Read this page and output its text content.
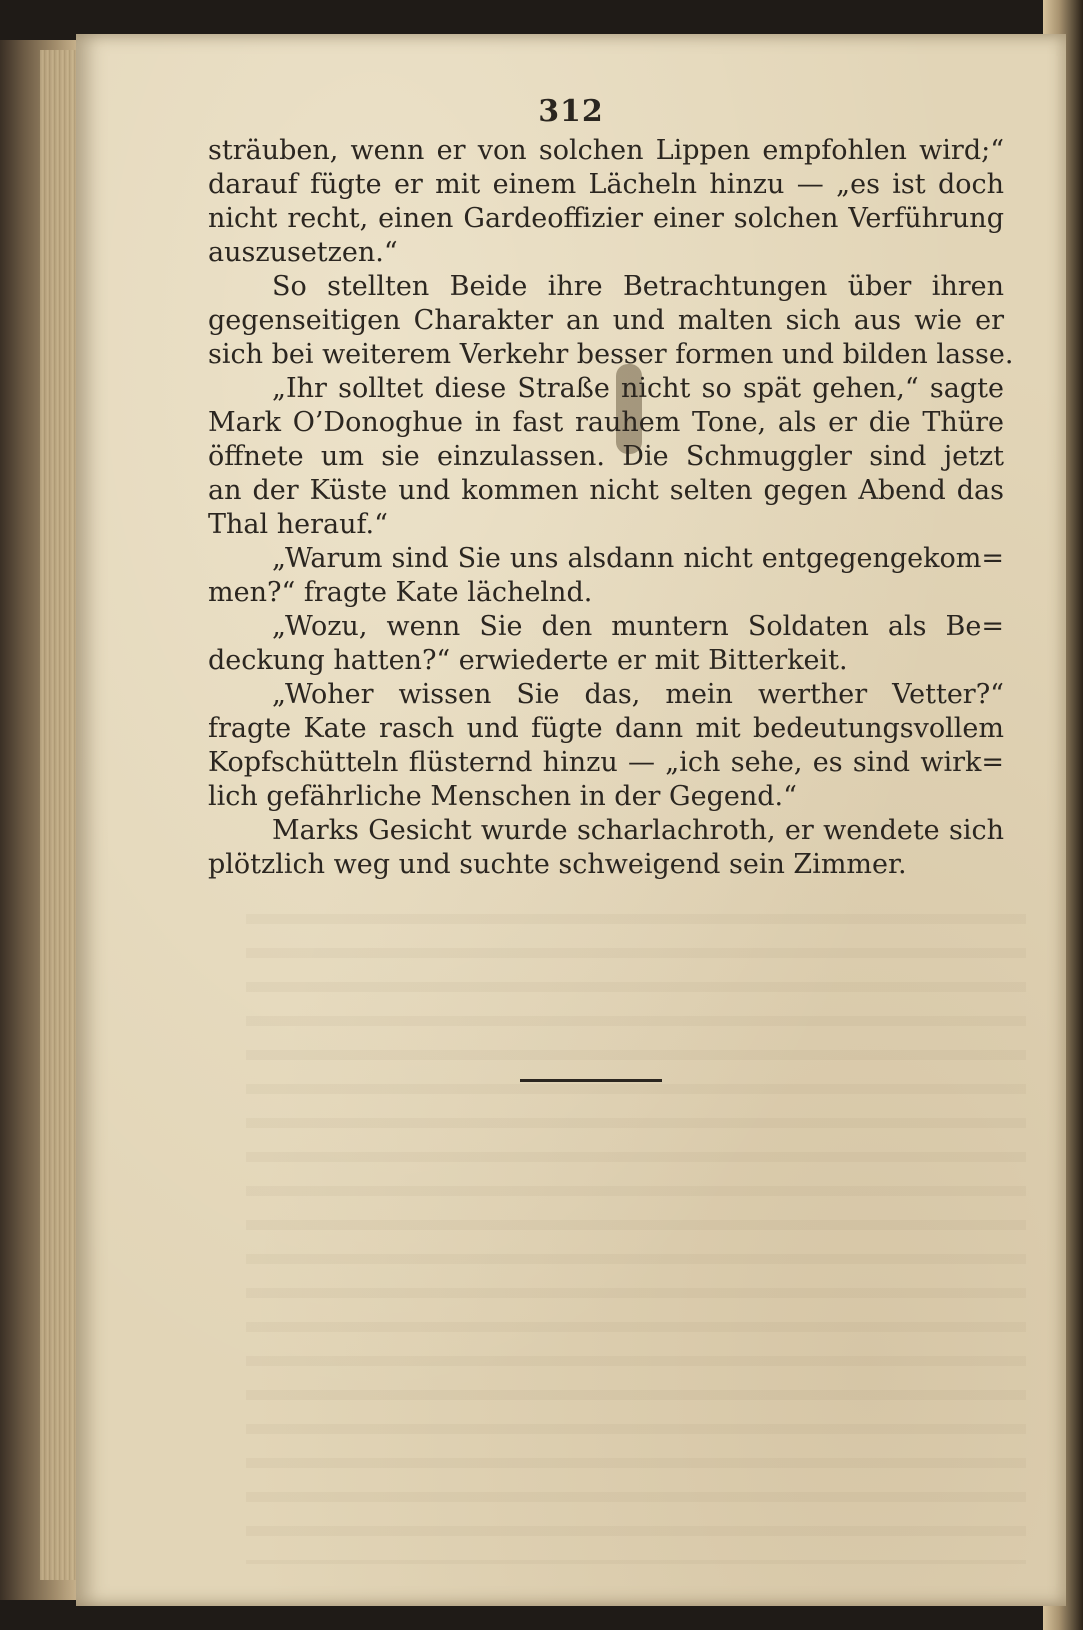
312
sträuben, wenn er von solchen Lippen empfohlen wird;“
darauf fügte er mit einem Lächeln hinzu — „es ist doch
nicht recht, einen Gardeoffizier einer solchen Verführung
auszusetzen.“
So stellten Beide ihre Betrachtungen über ihren
gegenseitigen Charakter an und malten sich aus wie er
sich bei weiterem Verkehr besser formen und bilden lasse.
„Ihr solltet diese Straße nicht so spät gehen,“ sagte
Mark O’Donoghue in fast rauhem Tone, als er die Thüre
öffnete um sie einzulassen. Die Schmuggler sind jetzt
an der Küste und kommen nicht selten gegen Abend das
Thal herauf.“
„Warum sind Sie uns alsdann nicht entgegengekom=
men?“ fragte Kate lächelnd.
„Wozu, wenn Sie den muntern Soldaten als Be=
deckung hatten?“ erwiederte er mit Bitterkeit.
„Woher wissen Sie das, mein werther Vetter?“
fragte Kate rasch und fügte dann mit bedeutungsvollem
Kopfschütteln flüsternd hinzu — „ich sehe, es sind wirk=
lich gefährliche Menschen in der Gegend.“
Marks Gesicht wurde scharlachroth, er wendete sich
plötzlich weg und suchte schweigend sein Zimmer.
